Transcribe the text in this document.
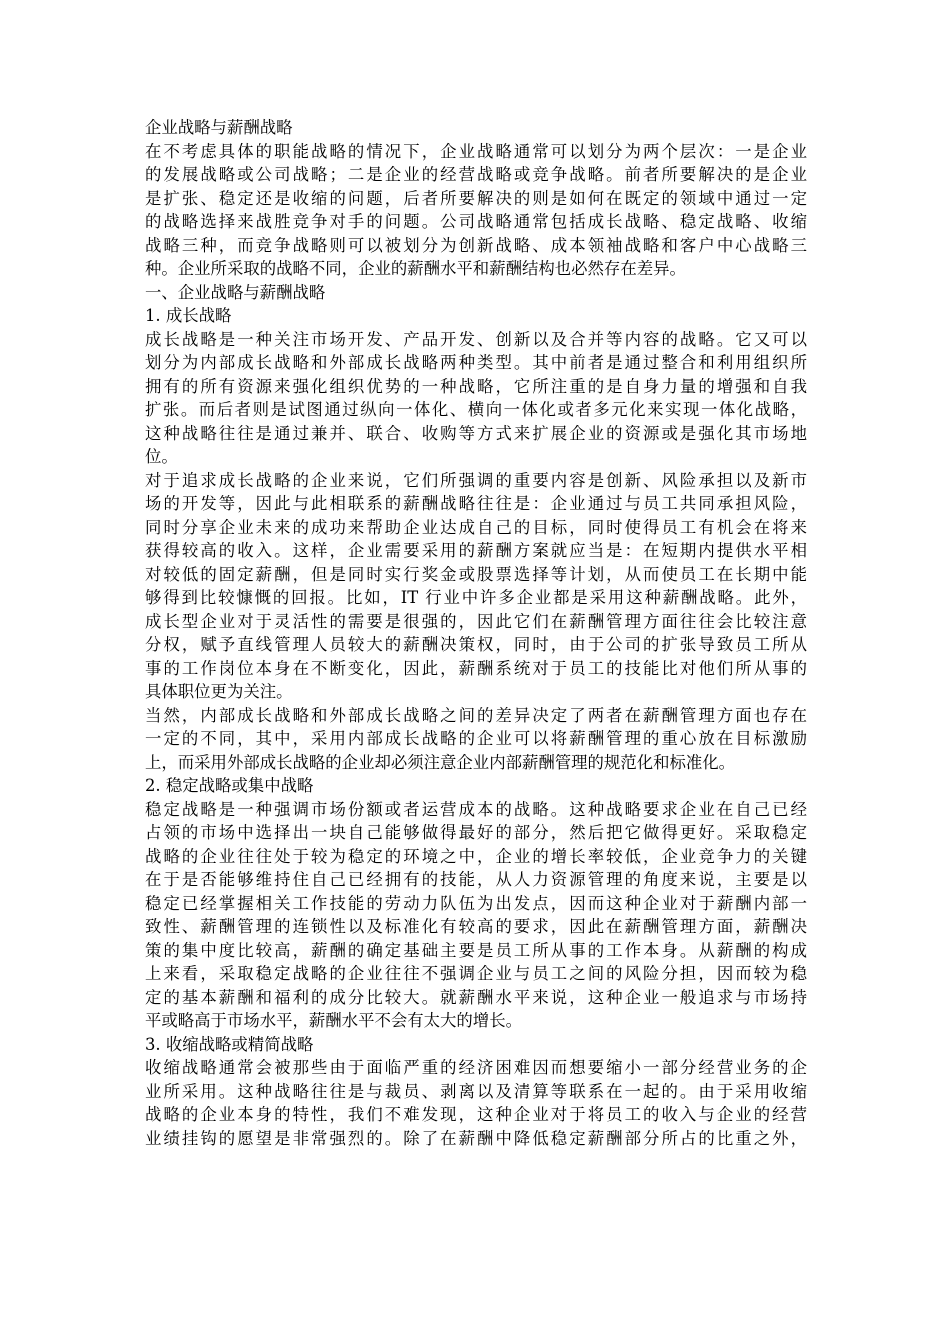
企业战略与薪酬战略
在不考虑具体的职能战略的情况下，企业战略通常可以划分为两个层次：一是企业
的发展战略或公司战略；二是企业的经营战略或竞争战略。前者所要解决的是企业
是扩张、稳定还是收缩的问题，后者所要解决的则是如何在既定的领域中通过一定
的战略选择来战胜竞争对手的问题。公司战略通常包括成长战略、稳定战略、收缩
战略三种，而竞争战略则可以被划分为创新战略、成本领袖战略和客户中心战略三
种。企业所采取的战略不同，企业的薪酬水平和薪酬结构也必然存在差异。
一、企业战略与薪酬战略
1. 成长战略
成长战略是一种关注市场开发、产品开发、创新以及合并等内容的战略。它又可以
划分为内部成长战略和外部成长战略两种类型。其中前者是通过整合和利用组织所
拥有的所有资源来强化组织优势的一种战略，它所注重的是自身力量的增强和自我
扩张。而后者则是试图通过纵向一体化、横向一体化或者多元化来实现一体化战略，
这种战略往往是通过兼并、联合、收购等方式来扩展企业的资源或是强化其市场地
位。
对于追求成长战略的企业来说，它们所强调的重要内容是创新、风险承担以及新市
场的开发等，因此与此相联系的薪酬战略往往是：企业通过与员工共同承担风险，
同时分享企业未来的成功来帮助企业达成自己的目标，同时使得员工有机会在将来
获得较高的收入。这样，企业需要采用的薪酬方案就应当是：在短期内提供水平相
对较低的固定薪酬，但是同时实行奖金或股票选择等计划，从而使员工在长期中能
够得到比较慷慨的回报。比如，IT 行业中许多企业都是采用这种薪酬战略。此外，
成长型企业对于灵活性的需要是很强的，因此它们在薪酬管理方面往往会比较注意
分权，赋予直线管理人员较大的薪酬决策权，同时，由于公司的扩张导致员工所从
事的工作岗位本身在不断变化，因此，薪酬系统对于员工的技能比对他们所从事的
具体职位更为关注。
当然，内部成长战略和外部成长战略之间的差异决定了两者在薪酬管理方面也存在
一定的不同，其中，采用内部成长战略的企业可以将薪酬管理的重心放在目标激励
上，而采用外部成长战略的企业却必须注意企业内部薪酬管理的规范化和标准化。
2. 稳定战略或集中战略
稳定战略是一种强调市场份额或者运营成本的战略。这种战略要求企业在自己已经
占领的市场中选择出一块自己能够做得最好的部分，然后把它做得更好。采取稳定
战略的企业往往处于较为稳定的环境之中，企业的增长率较低，企业竞争力的关键
在于是否能够维持住自己已经拥有的技能，从人力资源管理的角度来说，主要是以
稳定已经掌握相关工作技能的劳动力队伍为出发点，因而这种企业对于薪酬内部一
致性、薪酬管理的连锁性以及标准化有较高的要求，因此在薪酬管理方面，薪酬决
策的集中度比较高，薪酬的确定基础主要是员工所从事的工作本身。从薪酬的构成
上来看，采取稳定战略的企业往往不强调企业与员工之间的风险分担，因而较为稳
定的基本薪酬和福利的成分比较大。就薪酬水平来说，这种企业一般追求与市场持
平或略高于市场水平，薪酬水平不会有太大的增长。
3. 收缩战略或精简战略
收缩战略通常会被那些由于面临严重的经济困难因而想要缩小一部分经营业务的企
业所采用。这种战略往往是与裁员、剥离以及清算等联系在一起的。由于采用收缩
战略的企业本身的特性，我们不难发现，这种企业对于将员工的收入与企业的经营
业绩挂钩的愿望是非常强烈的。除了在薪酬中降低稳定薪酬部分所占的比重之外，
